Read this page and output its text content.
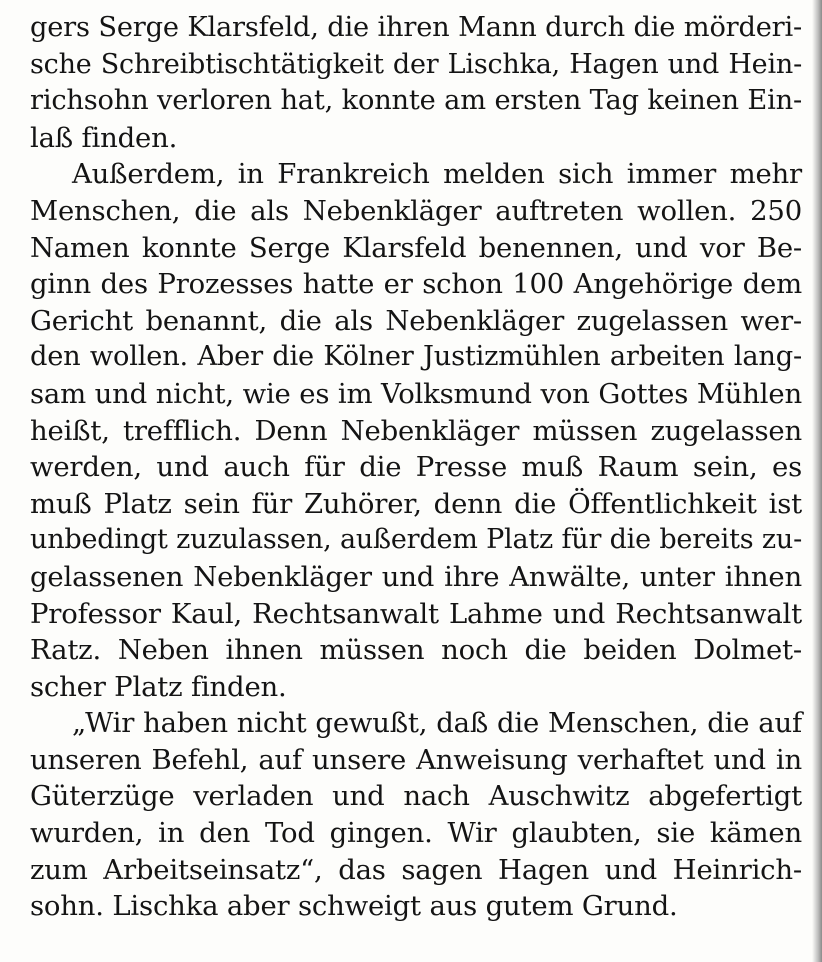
gers Serge Klarsfeld, die ihren Mann durch die mörderi-
sche Schreibtischtätigkeit der Lischka, Hagen und Hein-
richsohn verloren hat, konnte am ersten Tag keinen Ein-
laß finden.
Außerdem, in Frankreich melden sich immer mehr
Menschen, die als Nebenkläger auftreten wollen. 250
Namen konnte Serge Klarsfeld benennen, und vor Be-
ginn des Prozesses hatte er schon 100 Angehörige dem
Gericht benannt, die als Nebenkläger zugelassen wer-
den wollen. Aber die Kölner Justizmühlen arbeiten lang-
sam und nicht, wie es im Volksmund von Gottes Mühlen
heißt, trefflich. Denn Nebenkläger müssen zugelassen
werden, und auch für die Presse muß Raum sein, es
muß Platz sein für Zuhörer, denn die Öffentlichkeit ist
unbedingt zuzulassen, außerdem Platz für die bereits zu-
gelassenen Nebenkläger und ihre Anwälte, unter ihnen
Professor Kaul, Rechtsanwalt Lahme und Rechtsanwalt
Ratz. Neben ihnen müssen noch die beiden Dolmet-
scher Platz finden.
„Wir haben nicht gewußt, daß die Menschen, die auf
unseren Befehl, auf unsere Anweisung verhaftet und in
Güterzüge verladen und nach Auschwitz abgefertigt
wurden, in den Tod gingen. Wir glaubten, sie kämen
zum Arbeitseinsatz“, das sagen Hagen und Heinrich-
sohn. Lischka aber schweigt aus gutem Grund.
